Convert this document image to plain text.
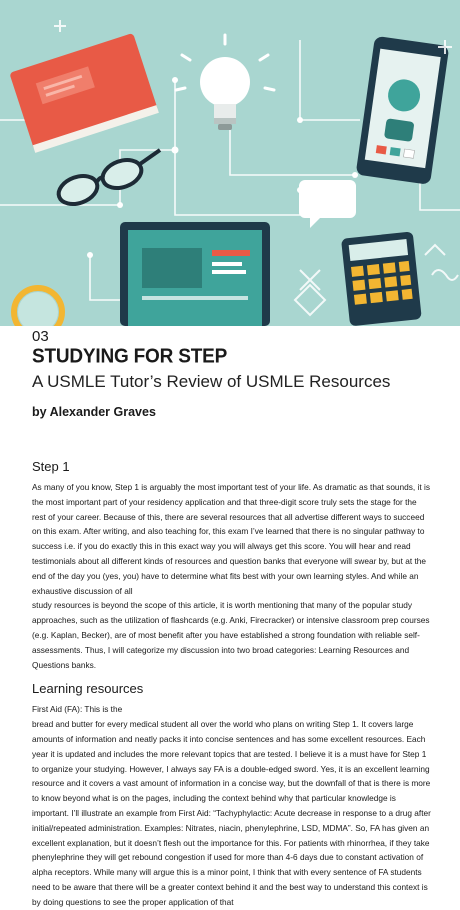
03
STUDYING FOR STEP
A USMLE Tutor’s Review of USMLE Resources
by Alexander Graves
Step 1

As many of you know, Step 1 is arguably the most important test of your life. As dramatic as that sounds, it is the most important part of your residency application and that three-digit score truly sets the stage for the rest of your career. Because of this, there are several resources that all advertise different ways to succeed on this exam. After writing, and also teaching for, this exam I’ve learned that there is no singular pathway to success i.e. if you do exactly this in this exact way you will always get this score. You will hear and read testimonials about all different kinds of resources and question banks that everyone will swear by, but at the end of the day you (yes, you) have to determine what fits best with your own learning styles. And while an exhaustive discussion of all

study resources is beyond the scope of this article, it is worth mentioning that many of the popular study approaches, such as the utilization of flashcards (e.g. Anki, Firecracker) or intensive classroom prep courses (e.g. Kaplan, Becker), are of most benefit after you have established a strong foundation with reliable self-assessments. Thus, I will categorize my discussion into two broad categories: Learning Resources and Questions banks.

Learning resources

First Aid (FA): This is the

bread and butter for every medical student all over the world who plans on writing Step 1. It covers large amounts of information and neatly packs it into concise sentences and has some excellent resources. Each year it is updated and includes the more relevant topics that are tested. I believe it is a must have for Step 1 to organize your studying. However, I always say FA is a double-edged sword. Yes, it is an excellent learning resource and it covers a vast amount of information in a concise way, but the downfall of that is there is more to know beyond what is on the pages, including the context behind why that particular knowledge is important. I’ll illustrate an example from First Aid: “Tachyphylactic: Acute decrease in response to a drug after initial/repeated administration. Examples: Nitrates, niacin, phenylephrine, LSD, MDMA”. So, FA has given an excellent explanation, but it doesn’t flesh out the importance for this. For patients with rhinorrhea, if they take phenylephrine they will get rebound congestion if used for more than 4-6 days due to constant activation of alpha receptors. While many will argue this is a minor point, I think that with every sentence of FA students need to be aware that there will be a greater context behind it and the best way to understand this context is by doing questions to see the proper application of that
